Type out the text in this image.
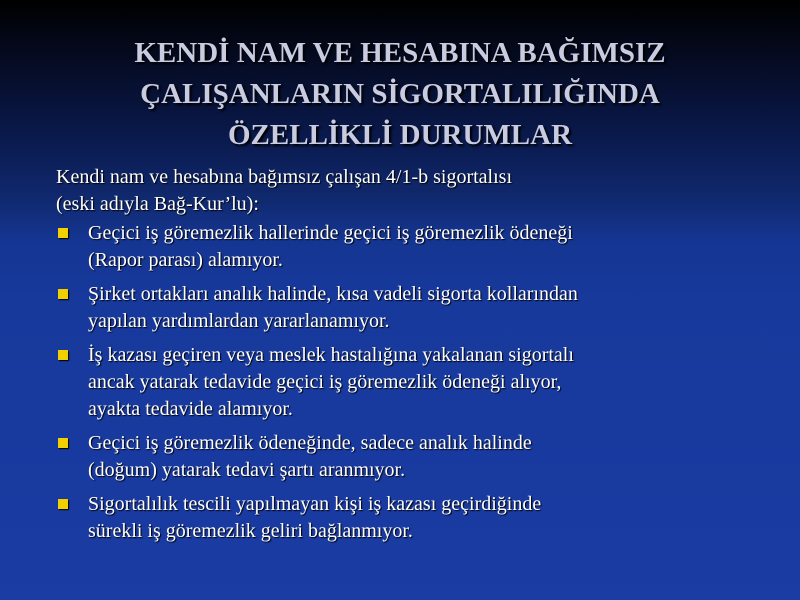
KENDİ NAM VE HESABINA BAĞIMSIZ
ÇALIŞANLARIN SİGORTALILIĞINDA
ÖZELLİKLİ DURUMLAR
Kendi nam ve hesabına bağımsız çalışan 4/1-b sigortalısı
(eski adıyla Bağ-Kur’lu):
Geçici iş göremezlik hallerinde geçici iş göremezlik ödeneği
(Rapor parası) alamıyor.
Şirket ortakları analık halinde, kısa vadeli sigorta kollarından
yapılan yardımlardan yararlanamıyor.
İş kazası geçiren veya meslek hastalığına yakalanan sigortalı
ancak yatarak tedavide geçici iş göremezlik ödeneği alıyor,
ayakta tedavide alamıyor.
Geçici iş göremezlik ödeneğinde, sadece analık halinde
(doğum) yatarak tedavi şartı aranmıyor.
Sigortalılık tescili yapılmayan kişi iş kazası geçirdiğinde
sürekli iş göremezlik geliri bağlanmıyor.
